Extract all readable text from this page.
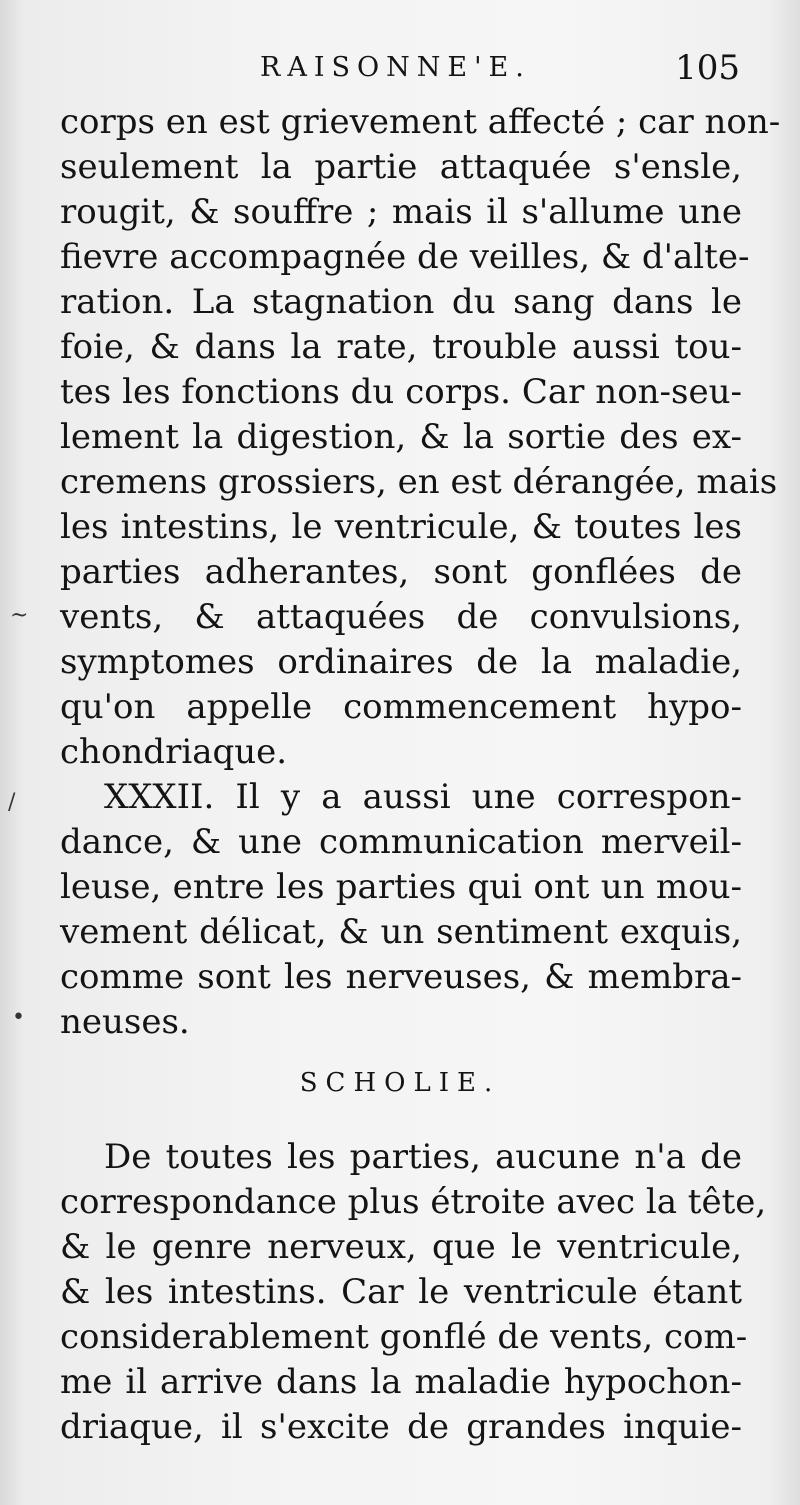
RAISONNE'E.	105
corps en est grievement affecté ; car non-
seulement la partie attaquée s'ensle,
rougit, & souffre ; mais il s'allume une
fievre accompagnée de veilles, & d'alte-
ration. La stagnation du sang dans le
foie, & dans la rate, trouble aussi tou-
tes les fonctions du corps. Car non-seu-
lement la digestion, & la sortie des ex-
cremens grossiers, en est dérangée, mais
les intestins, le ventricule, & toutes les
parties adherantes, sont gonflées de
vents, & attaquées de convulsions,
symptomes ordinaires de la maladie,
qu'on appelle commencement hypo-
chondriaque.
XXXII. Il y a aussi une correspon-
dance, & une communication merveil-
leuse, entre les parties qui ont un mou-
vement délicat, & un sentiment exquis,
comme sont les nerveuses, & membra-
neuses.
SCHOLIE.
De toutes les parties, aucune n'a de
correspondance plus étroite avec la tête,
& le genre nerveux, que le ventricule,
& les intestins. Car le ventricule étant
considerablement gonflé de vents, com-
me il arrive dans la maladie hypochon-
driaque, il s'excite de grandes inquie-
~
/
•
